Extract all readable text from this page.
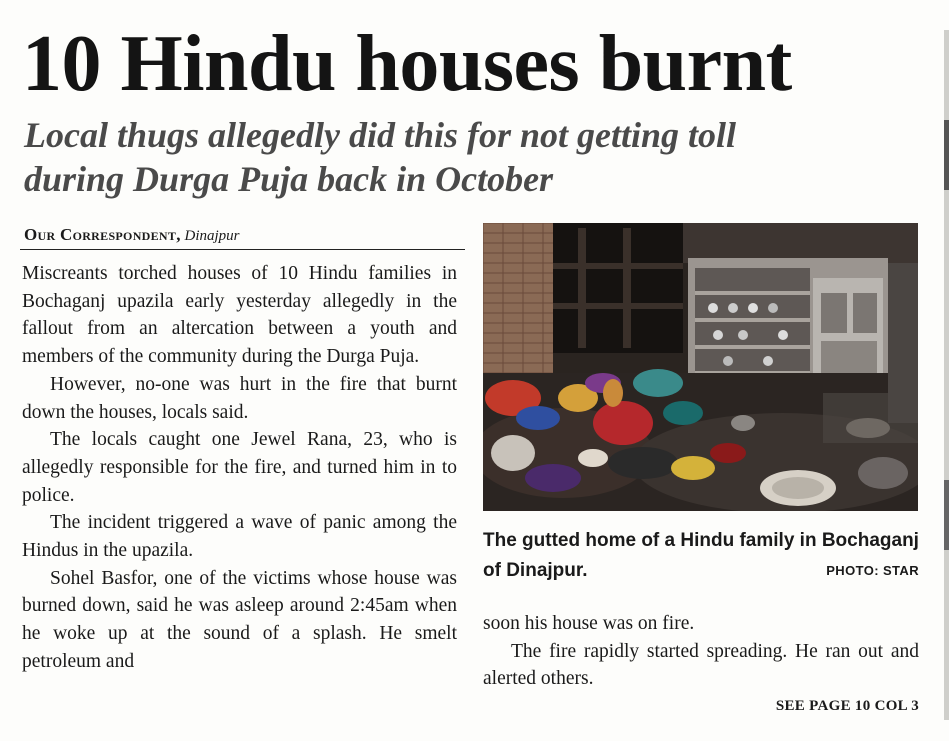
10 Hindu houses burnt
Local thugs allegedly did this for not getting toll during Durga Puja back in October
Our Correspondent, Dinajpur

Miscreants torched houses of 10 Hindu families in Bochaganj upazila early yesterday allegedly in the fallout from an altercation between a youth and members of the community during the Durga Puja.

However, no-one was hurt in the fire that burnt down the houses, locals said.

The locals caught one Jewel Rana, 23, who is allegedly responsible for the fire, and turned him in to police.

The incident triggered a wave of panic among the Hindus in the upazila.

Sohel Basfor, one of the victims whose house was burned down, said he was asleep around 2:45am when he woke up at the sound of a splash. He smelt petroleum and

The gutted home of a Hindu family in Bochaganj of Dinajpur.	PHOTO: STAR

soon his house was on fire.

The fire rapidly started spreading. He ran out and alerted others.

SEE PAGE 10 COL 3
